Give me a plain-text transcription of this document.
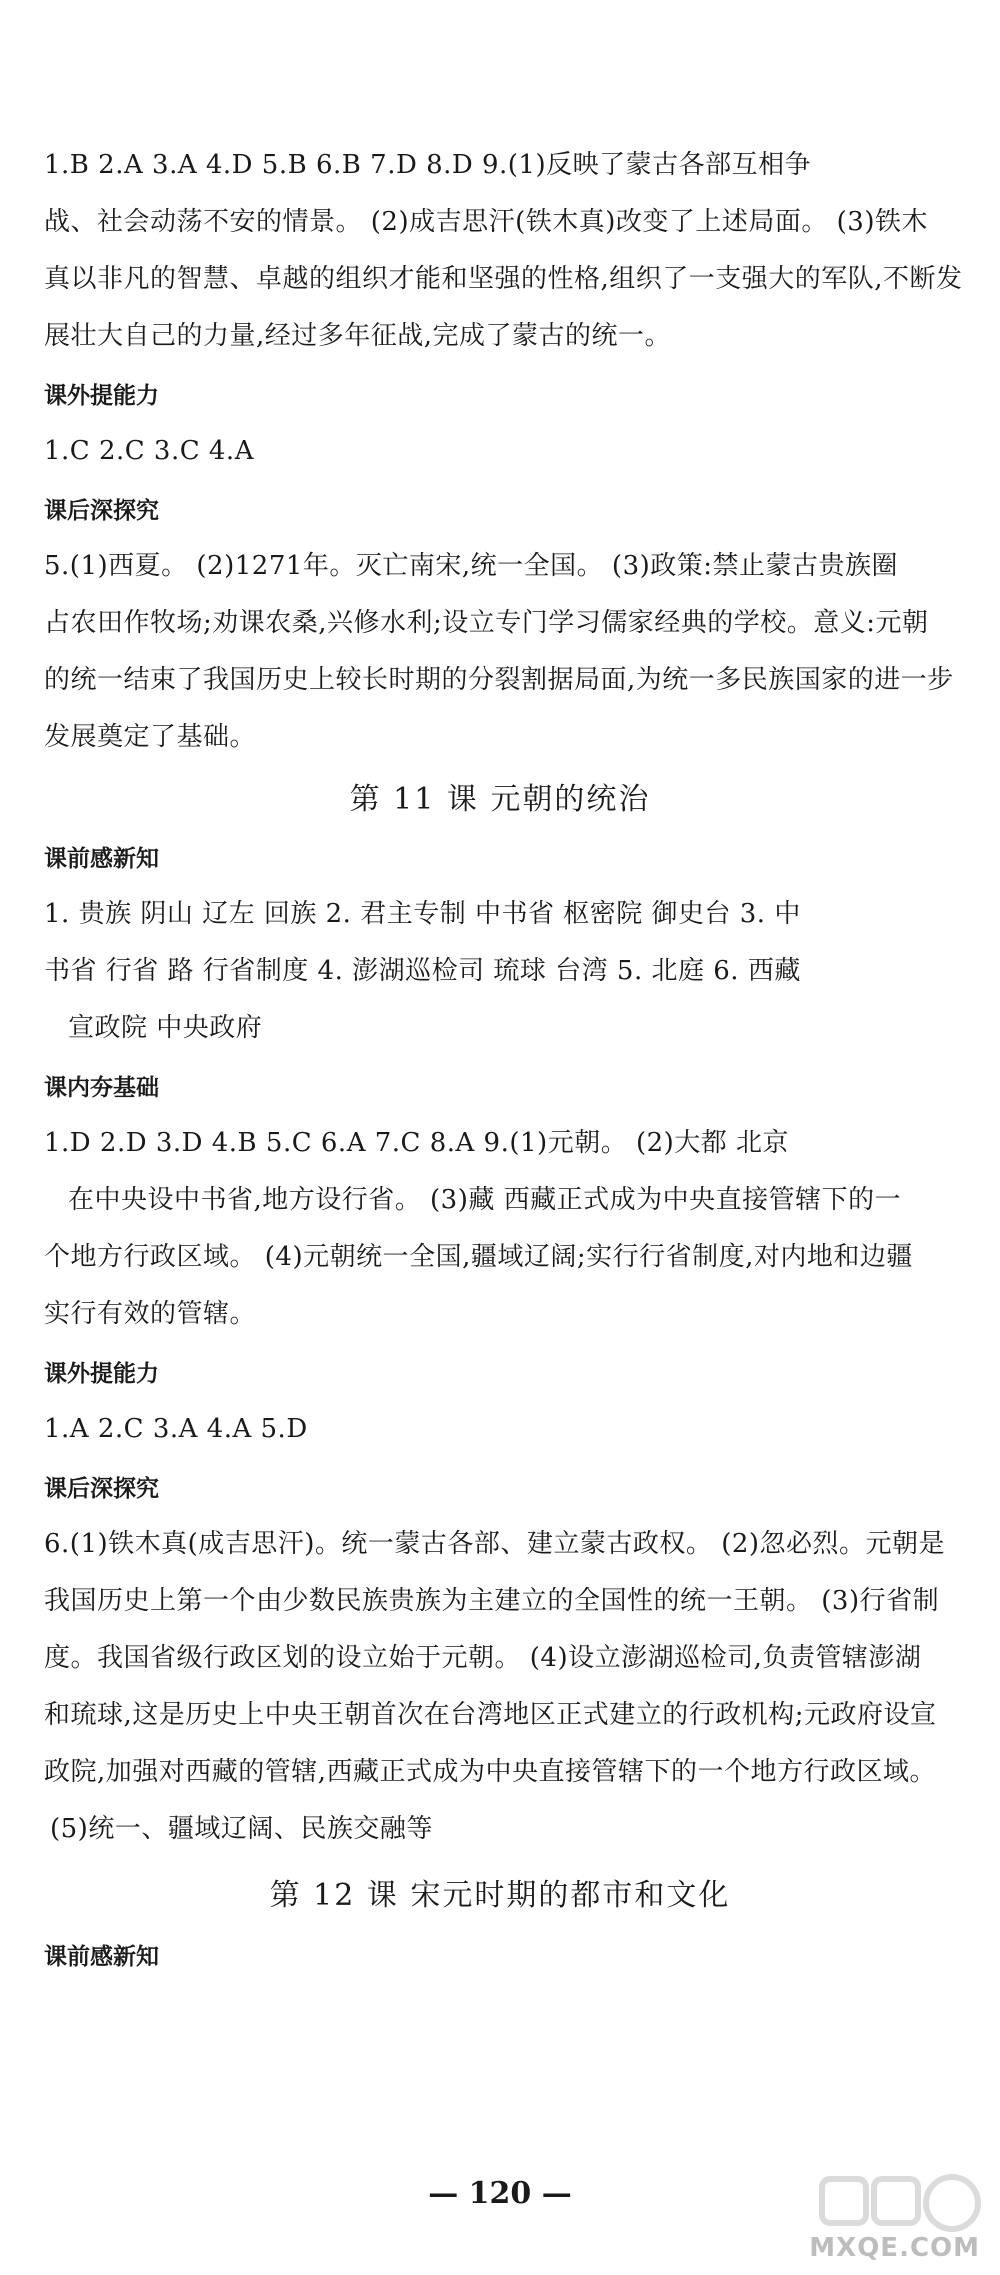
1.B 2.A 3.A 4.D 5.B 6.B 7.D 8.D 9.(1)反映了蒙古各部互相争
战、社会动荡不安的情景。 (2)成吉思汗(铁木真)改变了上述局面。 (3)铁木
真以非凡的智慧、卓越的组织才能和坚强的性格,组织了一支强大的军队,不断发
展壮大自己的力量,经过多年征战,完成了蒙古的统一。
课外提能力
1.C 2.C 3.C 4.A
课后深探究
5.(1)西夏。 (2)1271年。灭亡南宋,统一全国。 (3)政策:禁止蒙古贵族圈
占农田作牧场;劝课农桑,兴修水利;设立专门学习儒家经典的学校。意义:元朝
的统一结束了我国历史上较长时期的分裂割据局面,为统一多民族国家的进一步
发展奠定了基础。
第 11 课 元朝的统治
课前感新知
1. 贵族 阴山 辽左 回族 2. 君主专制 中书省 枢密院 御史台 3. 中
书省 行省 路 行省制度 4. 澎湖巡检司 琉球 台湾 5. 北庭 6. 西藏
宣政院 中央政府
课内夯基础
1.D 2.D 3.D 4.B 5.C 6.A 7.C 8.A 9.(1)元朝。 (2)大都 北京
在中央设中书省,地方设行省。 (3)藏 西藏正式成为中央直接管辖下的一
个地方行政区域。 (4)元朝统一全国,疆域辽阔;实行行省制度,对内地和边疆
实行有效的管辖。
课外提能力
1.A 2.C 3.A 4.A 5.D
课后深探究
6.(1)铁木真(成吉思汗)。统一蒙古各部、建立蒙古政权。 (2)忽必烈。元朝是
我国历史上第一个由少数民族贵族为主建立的全国性的统一王朝。 (3)行省制
度。我国省级行政区划的设立始于元朝。 (4)设立澎湖巡检司,负责管辖澎湖
和琉球,这是历史上中央王朝首次在台湾地区正式建立的行政机构;元政府设宣
政院,加强对西藏的管辖,西藏正式成为中央直接管辖下的一个地方行政区域。
(5)统一、疆域辽阔、民族交融等
第 12 课 宋元时期的都市和文化
课前感新知
— 120 —
MXQE.COM
